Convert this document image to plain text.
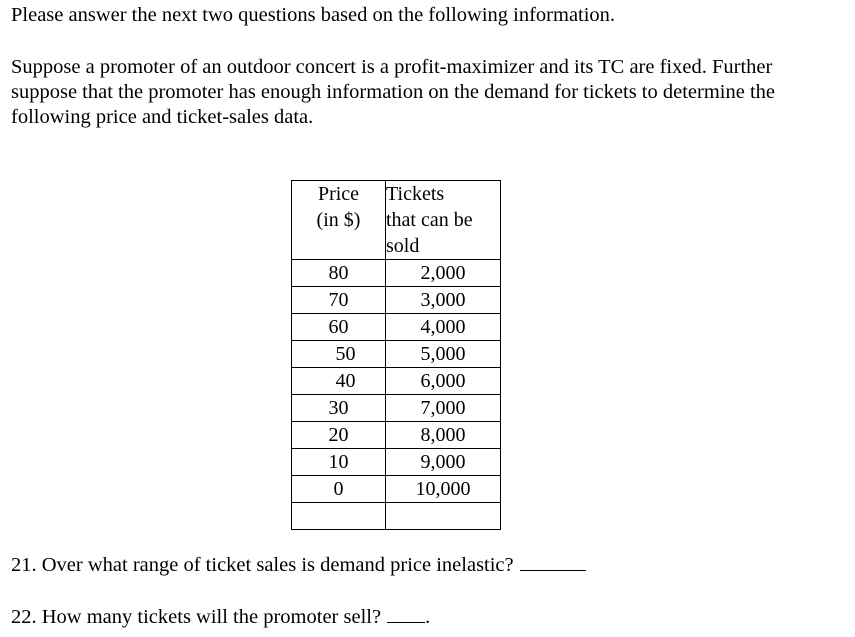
Please answer the next two questions based on the following information.

Suppose a promoter of an outdoor concert is a profit-maximizer and its TC are fixed. Further
suppose that the promoter has enough information on the demand for tickets to determine the
following price and ticket-sales data.

Price
(in $)	Tickets
that can be
sold

80	2,000
70	3,000
60	4,000
50	5,000
40	6,000
30	7,000
20	8,000
10	9,000
0	10,000

21. Over what range of ticket sales is demand price inelastic?

22. How many tickets will the promoter sell? .
